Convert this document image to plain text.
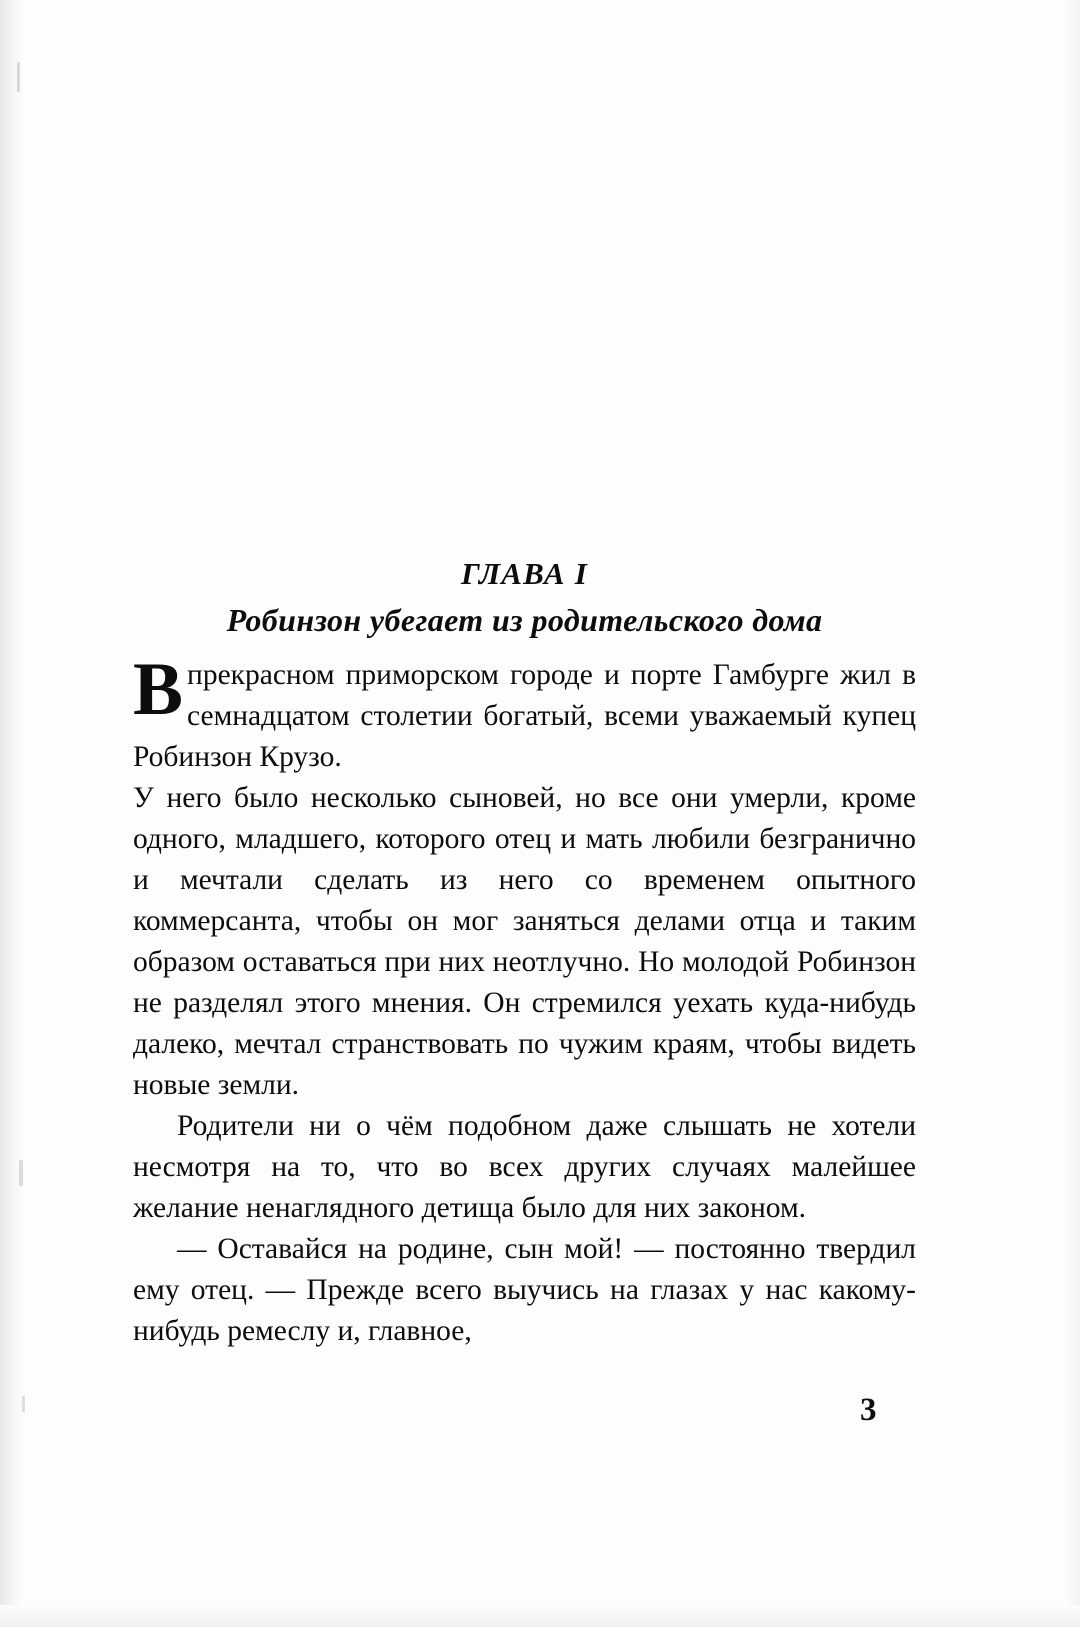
ГЛАВА I
Робинзон убегает из родительского дома

Впрекрасном приморском городе и порте Гамбурге жил в семнадцатом столетии богатый, всеми уважаемый купец Робинзон Крузо.

У него было несколько сыновей, но все они умерли, кроме одного, младшего, которого отец и мать любили безгранично и мечтали сделать из него со временем опытного коммерсанта, чтобы он мог заняться делами отца и таким образом оставаться при них неотлучно. Но молодой Робинзон не разделял этого мнения. Он стремился уехать куда-нибудь далеко, мечтал странствовать по чужим краям, чтобы видеть новые земли.

Родители ни о чём подобном даже слышать не хотели несмотря на то, что во всех других случаях малейшее желание ненаглядного детища было для них законом.

— Оставайся на родине, сын мой! — постоянно твердил ему отец. — Прежде всего выучись на глазах у нас какому-нибудь ремеслу и, главное,

3
